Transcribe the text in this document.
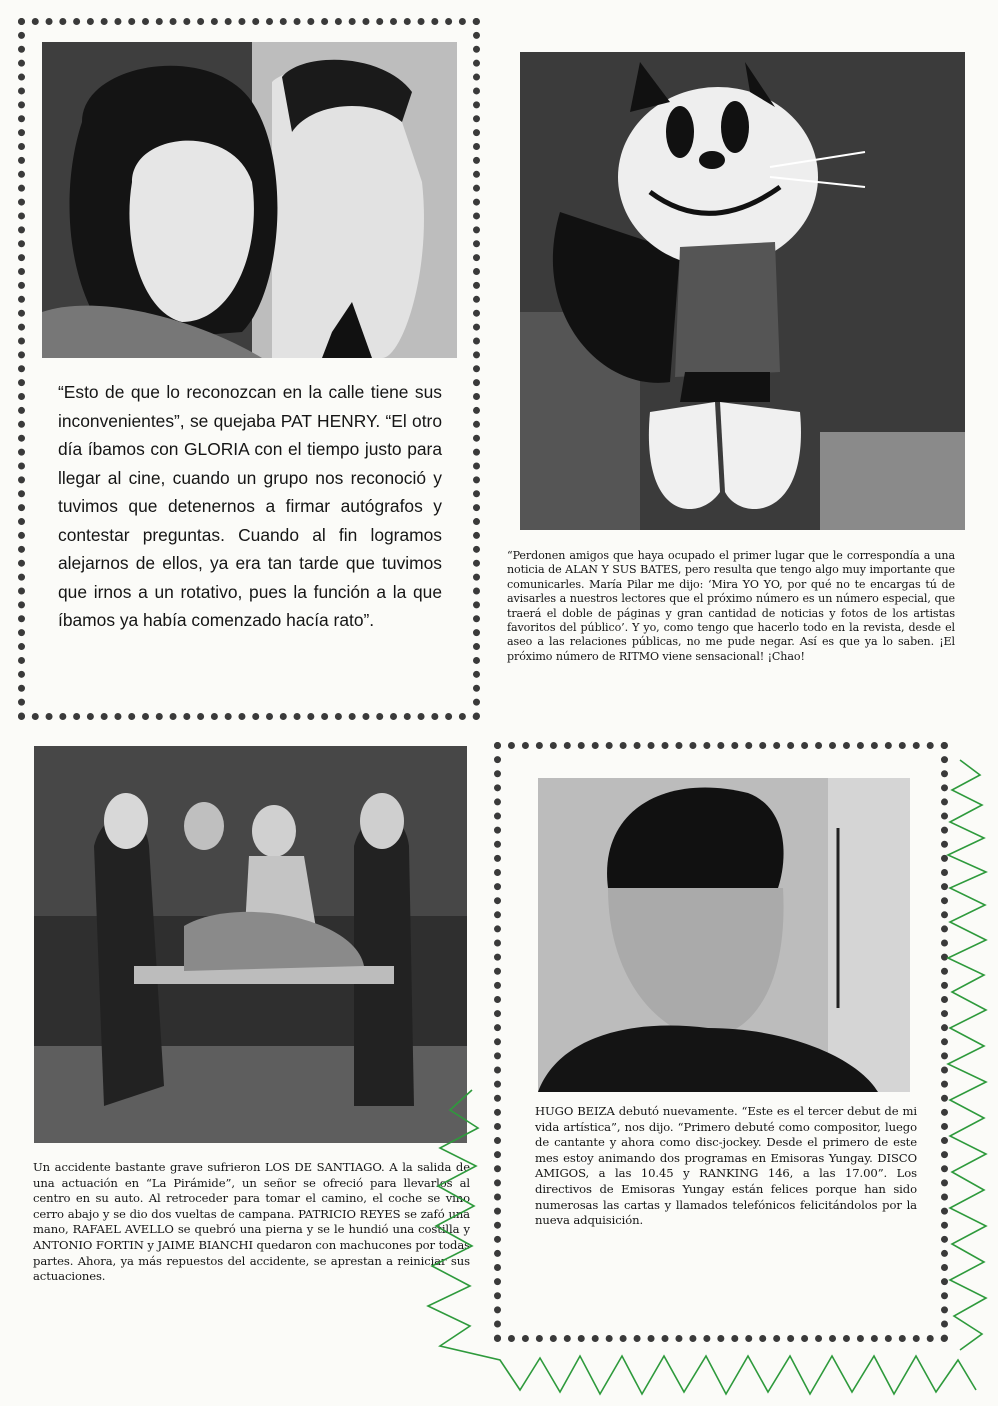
“Esto de que lo reconozcan en la calle tiene sus inconvenientes”, se quejaba PAT HENRY. “El otro día íbamos con GLORIA con el tiempo justo para llegar al cine, cuando un grupo nos reconoció y tuvimos que detenernos a firmar autógrafos y contestar preguntas. Cuando al fin logramos alejarnos de ellos, ya era tan tarde que tuvimos que irnos a un rotativo, pues la función a la que íbamos ya había comenzado hacía rato”.

“Perdonen amigos que haya ocupado el primer lugar que le correspondía a una noticia de ALAN Y SUS BATES, pero resulta que tengo algo muy importante que comunicarles. María Pilar me dijo: ‘Mira YO YO, por qué no te encargas tú de avisarles a nuestros lectores que el próximo número es un número especial, que traerá el doble de páginas y gran cantidad de noticias y fotos de los artistas favoritos del público’. Y yo, como tengo que hacerlo todo en la revista, desde el aseo a las relaciones públicas, no me pude negar. Así es que ya lo saben. ¡El próximo número de RITMO viene sensacional! ¡Chao!

Un accidente bastante grave sufrieron LOS DE SANTIAGO. A la salida de una actuación en “La Pirámide”, un señor se ofreció para llevarlos al centro en su auto. Al retroceder para tomar el camino, el coche se vino cerro abajo y se dio dos vueltas de campana. PATRICIO REYES se zafó una mano, RAFAEL AVELLO se quebró una pierna y se le hundió una costilla y ANTONIO FORTIN y JAIME BIANCHI quedaron con machucones por todas partes. Ahora, ya más repuestos del accidente, se aprestan a reiniciar sus actuaciones.

HUGO BEIZA debutó nuevamente. “Este es el tercer debut de mi vida artística”, nos dijo. “Primero debuté como compositor, luego de cantante y ahora como disc-jockey. Desde el primero de este mes estoy animando dos programas en Emisoras Yungay. DISCO AMIGOS, a las 10.45 y RANKING 146, a las 17.00”. Los directivos de Emisoras Yungay están felices porque han sido numerosas las cartas y llamados telefónicos felicitándolos por la nueva adquisición.
